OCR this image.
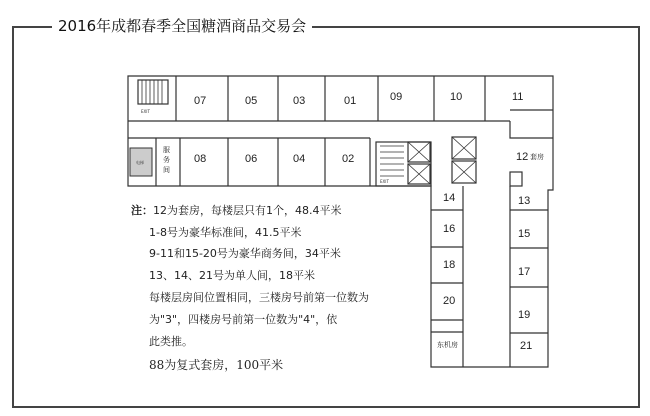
2016年成都春季全国糖酒商品交易会
电梯
EXIT
EXIT
07	05	03	01	09	10	11
08	06	04	02
服
务
间
12 套房
14	13
16	15
18
17
20
19
21
东机房
注：12为套房，每楼层只有1个，48.4平米
1-8号为豪华标准间，41.5平米
9-11和15-20号为豪华商务间，34平米
13、14、21号为单人间，18平米
每楼层房间位置相同，三楼房号前第一位数为
为"3"，四楼房号前第一位数为"4"，依
此类推。
88为复式套房，100平米
